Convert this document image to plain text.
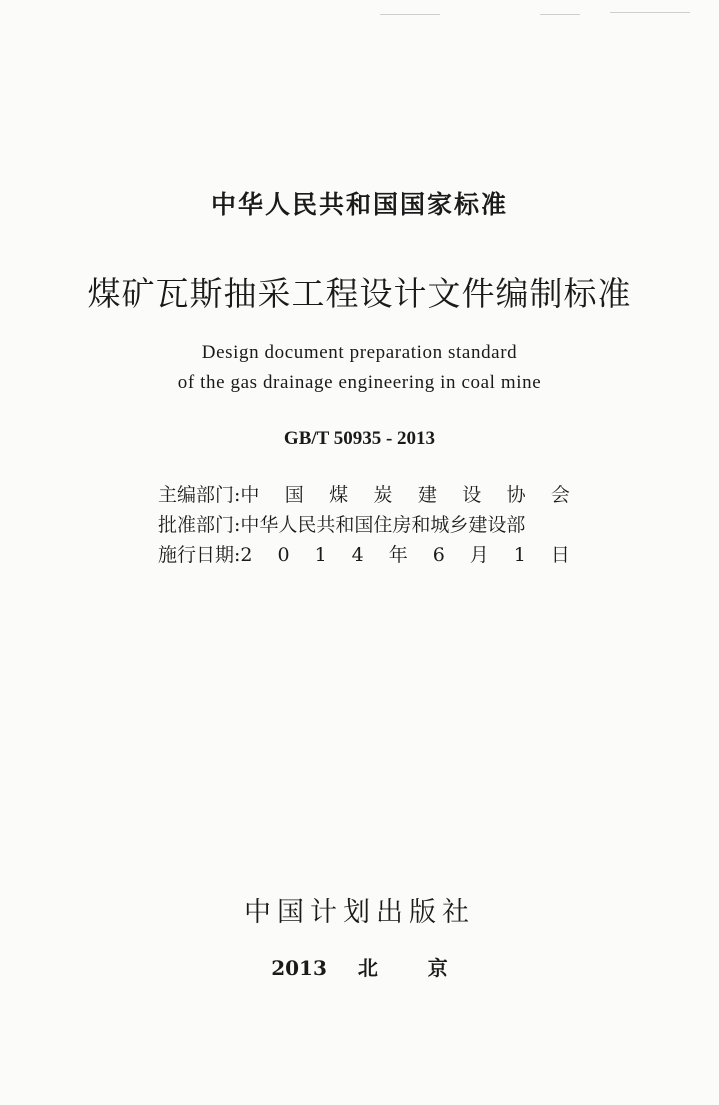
中华人民共和国国家标准
煤矿瓦斯抽采工程设计文件编制标准
Design document preparation standard
of the gas drainage engineering in coal mine
GB/T 50935 - 2013
主编部门: 中 国 煤 炭 建 设 协 会
批准部门: 中华人民共和国住房和城乡建设部
施行日期: 2 0 1 4 年 6 月 1 日
中国计划出版社
2013 北 京
